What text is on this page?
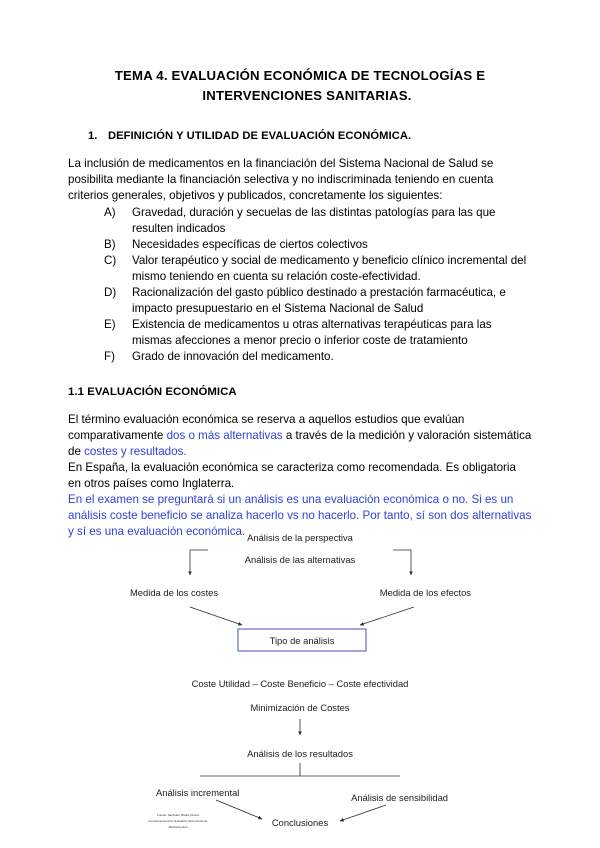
TEMA 4. EVALUACIÓN ECONÓMICA DE TECNOLOGÍAS E
INTERVENCIONES SANITARIAS.
1. DEFINICIÓN Y UTILIDAD DE EVALUACIÓN ECONÓMICA.

La inclusión de medicamentos en la financiación del Sistema Nacional de Salud se posibilita mediante la financiación selectiva y no indiscriminada teniendo en cuenta criterios generales, objetivos y publicados, concretamente los siguientes:

A)	Gravedad, duración y secuelas de las distintas patologías para las que resulten indicados
B)	Necesidades específicas de ciertos colectivos
C)	Valor terapéutico y social de medicamento y beneficio clínico incremental del mismo teniendo en cuenta su relación coste-efectividad.
D)	Racionalización del gasto público destinado a prestación farmacéutica, e impacto presupuestario en el Sistema Nacional de Salud
E)	Existencia de medicamentos u otras alternativas terapéuticas para las mismas afecciones a menor precio o inferior coste de tratamiento
F)	Grado de innovación del medicamento.
1.1 EVALUACIÓN ECONÓMICA

El término evaluación económica se reserva a aquellos estudios que evalúan comparativamente dos o más alternativas a través de la medición y valoración sistemática de costes y resultados.

En España, la evaluación económica se caracteriza como recomendada. Es obligatoria en otros países como Inglaterra.

En el examen se preguntará si un análisis es una evaluación económica o no. Si es un análisis coste beneficio se analiza hacerlo vs no hacerlo. Por tanto, sí son dos alternativas y sí es una evaluación económica. Análisis de la perspectiva
Análisis de las alternativas
Medida de los costes	Medida de los efectos
Tipo de análisis
Coste Utilidad – Coste Beneficio – Coste efectividad
Minimización de Costes
Análisis de los resultados
Análisis incremental	Análisis de sensibilidad
Conclusiones
Fuente: Sacristán, Badía, Rovira
Farmacoeconomía: Evaluación Económica de
Medicamentos
